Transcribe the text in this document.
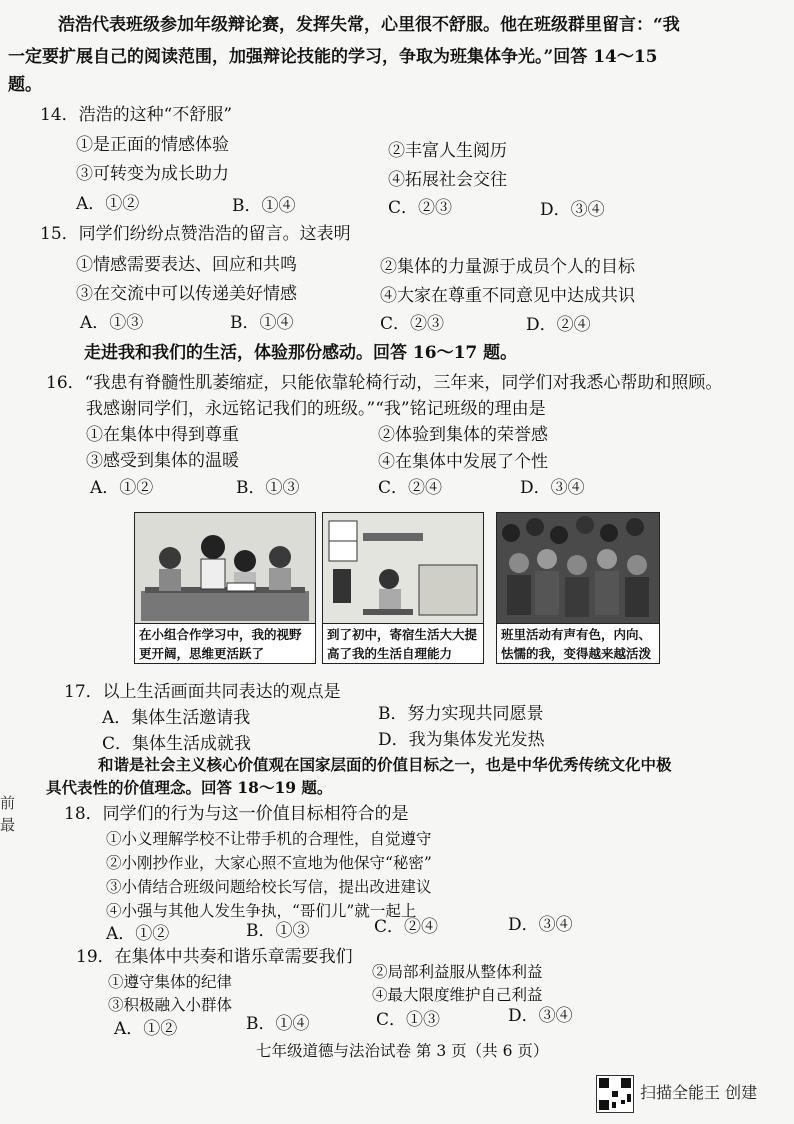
浩浩代表班级参加年级辩论赛，发挥失常，心里很不舒服。他在班级群里留言：“我
一定要扩展自己的阅读范围，加强辩论技能的学习，争取为班集体争光。”回答 14～15
题。
14．浩浩的这种“不舒服”
①是正面的情感体验	②丰富人生阅历
③可转变为成长助力	④拓展社会交往
A．①②	B．①④	C．②③	D．③④
15．同学们纷纷点赞浩浩的留言。这表明
①情感需要表达、回应和共鸣	②集体的力量源于成员个人的目标
③在交流中可以传递美好情感	④大家在尊重不同意见中达成共识
A．①③	B．①④	C．②③	D．②④
走进我和我们的生活，体验那份感动。回答 16～17 题。
16．“我患有脊髓性肌萎缩症，只能依靠轮椅行动，三年来，同学们对我悉心帮助和照顾。
我感谢同学们，永远铭记我们的班级。”“我”铭记班级的理由是
①在集体中得到尊重	②体验到集体的荣誉感
③感受到集体的温暖	④在集体中发展了个性
A．①②	B．①③	C．②④	D．③④
在小组合作学习中，我的视野更开阔，思维更活跃了
到了初中，寄宿生活大大提高了我的生活自理能力
班里活动有声有色，内向、怯懦的我，变得越来越活泼
17．以上生活画面共同表达的观点是
A．集体生活邀请我	B．努力实现共同愿景
C．集体生活成就我	D．我为集体发光发热
和谐是社会主义核心价值观在国家层面的价值目标之一，也是中华优秀传统文化中极
具代表性的价值理念。回答 18～19 题。
前
最
18．同学们的行为与这一价值目标相符合的是
①小义理解学校不让带手机的合理性，自觉遵守
②小刚抄作业，大家心照不宣地为他保守“秘密”
③小倩结合班级问题给校长写信，提出改进建议
④小强与其他人发生争执，“哥们儿”就一起上
A．①②	B．①③	C．②④	D．③④
19．在集体中共奏和谐乐章需要我们
①遵守集体的纪律
②局部利益服从整体利益
③积极融入小群体
④最大限度维护自己利益
A．①②	B．①④	C．①③	D．③④
七年级道德与法治试卷 第 3 页（共 6 页）
扫描全能王 创建
